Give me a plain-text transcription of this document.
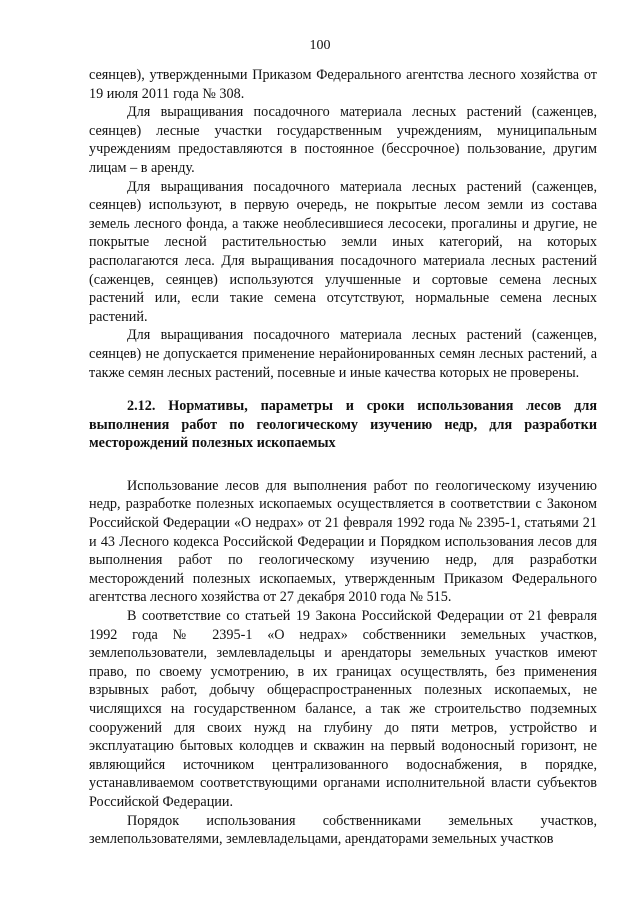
100

сеянцев), утвержденными Приказом Федерального агентства лесного хозяйства от 19 июля 2011 года № 308.

Для выращивания посадочного материала лесных растений (саженцев, сеянцев) лесные участки государственным учреждениям, муниципальным учреждениям предоставляются в постоянное (бессрочное) пользование, другим лицам – в аренду.

Для выращивания посадочного материала лесных растений (саженцев, сеянцев) используют, в первую очередь, не покрытые лесом земли из состава земель лесного фонда, а также необлесившиеся лесосеки, прогалины и другие, не покрытые лесной растительностью земли иных категорий, на которых располагаются леса. Для выращивания посадочного материала лесных растений (саженцев, сеянцев) используются улучшенные и сортовые семена лесных растений или, если такие семена отсутствуют, нормальные семена лесных растений.

Для выращивания посадочного материала лесных растений (саженцев, сеянцев) не допускается применение нерайонированных семян лесных растений, а также семян лесных растений, посевные и иные качества которых не проверены.

2.12. Нормативы, параметры и сроки использования лесов для выполнения работ по геологическому изучению недр, для разработки месторождений полезных ископаемых

Использование лесов для выполнения работ по геологическому изучению недр, разработке полезных ископаемых осуществляется в соответствии с Законом Российской Федерации «О недрах» от 21 февраля 1992 года № 2395-1, статьями 21 и 43 Лесного кодекса Российской Федерации и Порядком использования лесов для выполнения работ по геологическому изучению недр, для разработки месторождений полезных ископаемых, утвержденным Приказом Федерального агентства лесного хозяйства от 27 декабря 2010 года № 515.

В соответствие со статьей 19 Закона Российской Федерации от 21 февраля 1992 года № 2395-1 «О недрах» собственники земельных участков, землепользователи, землевладельцы и арендаторы земельных участков имеют право, по своему усмотрению, в их границах осуществлять, без применения взрывных работ, добычу общераспространенных полезных ископаемых, не числящихся на государственном балансе, а так же строительство подземных сооружений для своих нужд на глубину до пяти метров, устройство и эксплуатацию бытовых колодцев и скважин на первый водоносный горизонт, не являющийся источником централизованного водоснабжения, в порядке, устанавливаемом соответствующими органами исполнительной власти субъектов Российской Федерации.

Порядок использования собственниками земельных участков, землепользователями, землевладельцами, арендаторами земельных участков
